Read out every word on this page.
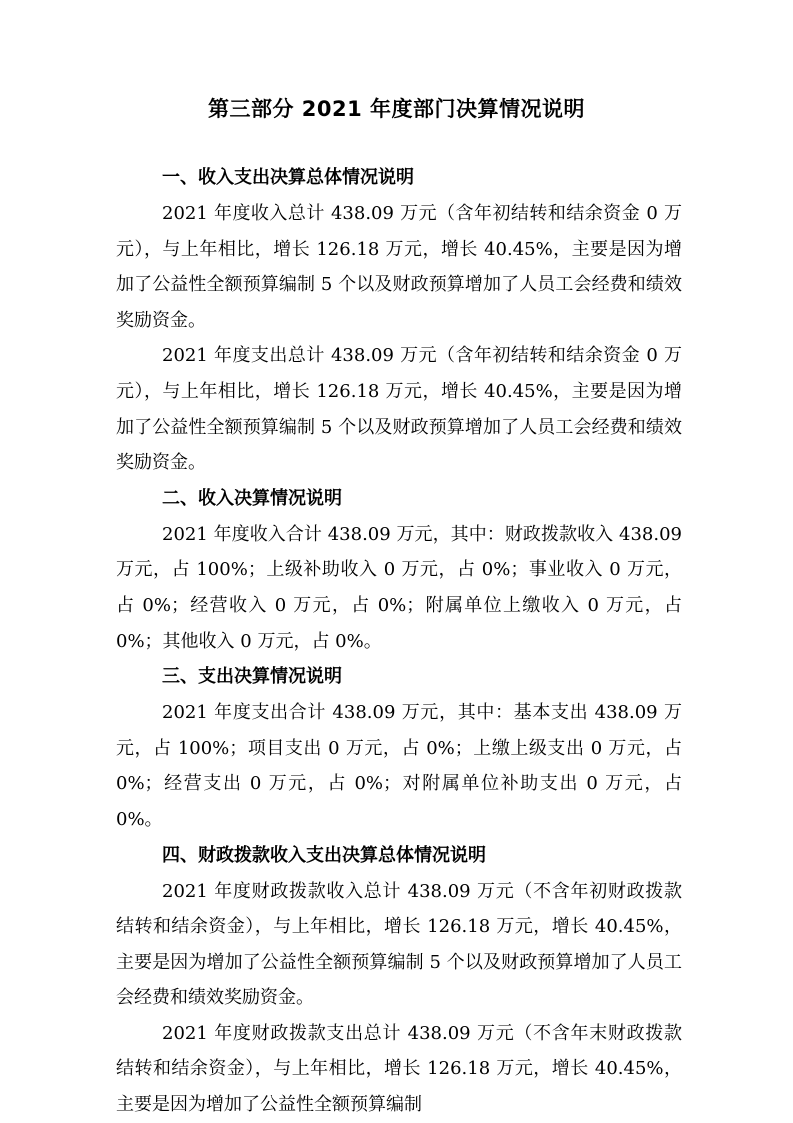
第三部分 2021 年度部门决算情况说明

一、收入支出决算总体情况说明

2021 年度收入总计 438.09 万元（含年初结转和结余资金 0 万元），与上年相比，增长 126.18 万元，增长 40.45%，主要是因为增加了公益性全额预算编制 5 个以及财政预算增加了人员工会经费和绩效奖励资金。

2021 年度支出总计 438.09 万元（含年初结转和结余资金 0 万元），与上年相比，增长 126.18 万元，增长 40.45%，主要是因为增加了公益性全额预算编制 5 个以及财政预算增加了人员工会经费和绩效奖励资金。

二、收入决算情况说明

2021 年度收入合计 438.09 万元，其中：财政拨款收入 438.09 万元，占 100%；上级补助收入 0 万元，占 0%；事业收入 0 万元，占 0%；经营收入 0 万元，占 0%；附属单位上缴收入 0 万元，占 0%；其他收入 0 万元，占 0%。

三、支出决算情况说明

2021 年度支出合计 438.09 万元，其中：基本支出 438.09 万元，占 100%；项目支出 0 万元，占 0%；上缴上级支出 0 万元，占 0%；经营支出 0 万元，占 0%；对附属单位补助支出 0 万元，占 0%。

四、财政拨款收入支出决算总体情况说明

2021 年度财政拨款收入总计 438.09 万元（不含年初财政拨款结转和结余资金），与上年相比，增长 126.18 万元，增长 40.45%，主要是因为增加了公益性全额预算编制 5 个以及财政预算增加了人员工会经费和绩效奖励资金。

2021 年度财政拨款支出总计 438.09 万元（不含年末财政拨款结转和结余资金），与上年相比，增长 126.18 万元，增长 40.45%，主要是因为增加了公益性全额预算编制
